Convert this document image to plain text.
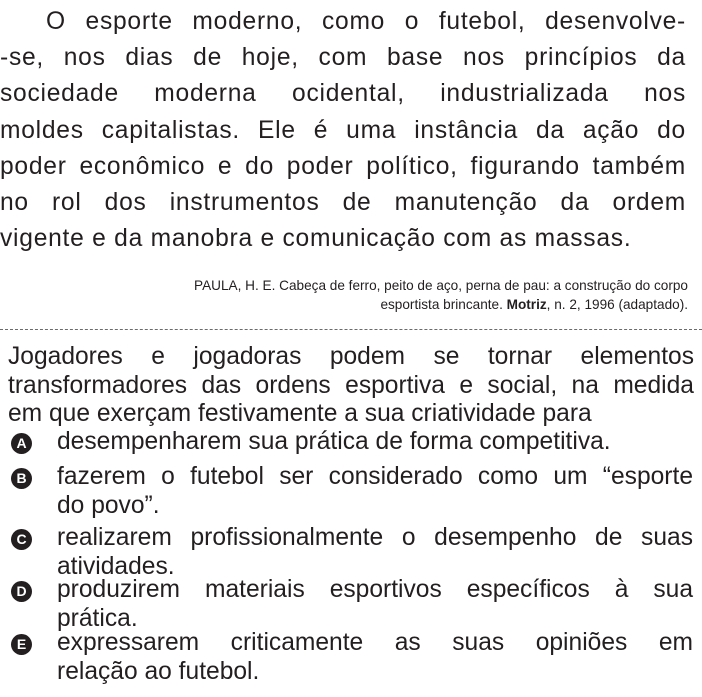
O esporte moderno, como o futebol, desenvolve-
-se, nos dias de hoje, com base nos princípios da
sociedade moderna ocidental, industrializada nos
moldes capitalistas. Ele é uma instância da ação do
poder econômico e do poder político, figurando também
no rol dos instrumentos de manutenção da ordem
vigente e da manobra e comunicação com as massas.
PAULA, H. E. Cabeça de ferro, peito de aço, perna de pau: a construção do corpo
esportista brincante. Motriz, n. 2, 1996 (adaptado).
Jogadores e jogadoras podem se tornar elementos
transformadores das ordens esportiva e social, na medida
em que exerçam festivamente a sua criatividade para
A desempenharem sua prática de forma competitiva.
B fazerem o futebol ser considerado como um “esporte
do povo”.
C realizarem profissionalmente o desempenho de suas
atividades.
D produzirem materiais esportivos específicos à sua
prática.
E expressarem criticamente as suas opiniões em
relação ao futebol.
